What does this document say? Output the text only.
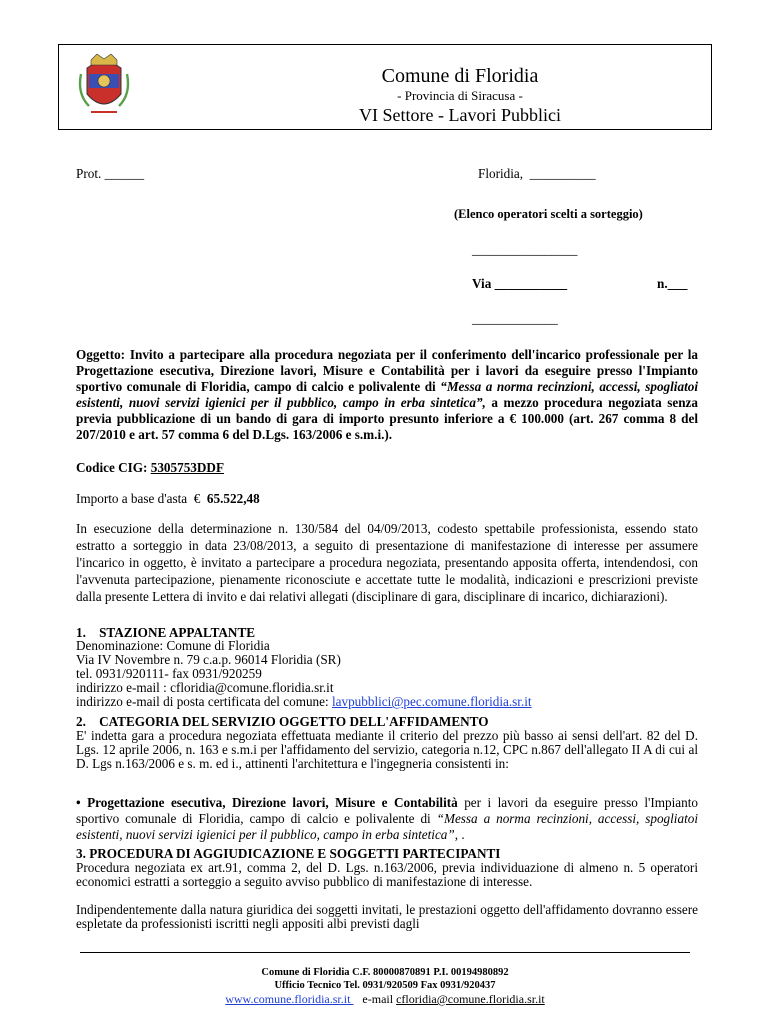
Comune di Floridia
- Provincia di Siracusa -
VI Settore - Lavori Pubblici
Prot. ______	Floridia,  __________
(Elenco operatori scelti a sorteggio)
________________
Via ___________	n.___
_____________
Oggetto: Invito a partecipare alla procedura negoziata per il conferimento dell'incarico professionale per la Progettazione esecutiva, Direzione lavori, Misure e Contabilità per i lavori da eseguire presso l'Impianto sportivo comunale di Floridia, campo di calcio e polivalente di “Messa a norma recinzioni, accessi, spogliatoi esistenti, nuovi servizi igienici per il pubblico, campo in erba sintetica”, a mezzo procedura negoziata senza previa pubblicazione di un bando di gara di importo presunto inferiore a € 100.000 (art. 267 comma 8 del 207/2010 e art. 57 comma 6 del D.Lgs. 163/2006 e s.m.i.).
Codice CIG: 5305753DDF
Importo a base d'asta  €  65.522,48
In esecuzione della determinazione n. 130/584 del 04/09/2013, codesto spettabile professionista, essendo stato estratto a sorteggio in data 23/08/2013, a seguito di presentazione di manifestazione di interesse per assumere l'incarico in oggetto, è invitato a partecipare a procedura negoziata, presentando apposita offerta, intendendosi, con l'avvenuta partecipazione, pienamente riconosciute e accettate tutte le modalità, indicazioni e prescrizioni previste dalla presente Lettera di invito e dai relativi allegati (disciplinare di gara, disciplinare di incarico, dichiarazioni).
1.    STAZIONE APPALTANTE
Denominazione: Comune di Floridia
Via IV Novembre n. 79 c.a.p. 96014 Floridia (SR)
tel. 0931/920111- fax 0931/920259
indirizzo e-mail : cfloridia@comune.floridia.sr.it
indirizzo e-mail di posta certificata del comune: lavpubblici@pec.comune.floridia.sr.it
2.    CATEGORIA DEL SERVIZIO OGGETTO DELL'AFFIDAMENTO
E' indetta gara a procedura negoziata effettuata mediante il criterio del prezzo più basso ai sensi dell'art. 82 del D. Lgs. 12 aprile 2006, n. 163 e s.m.i per l'affidamento del servizio, categoria n.12, CPC n.867 dell'allegato II A di cui al D. Lgs n.163/2006 e s. m. ed i., attinenti l'architettura e l'ingegneria consistenti in:
• Progettazione esecutiva, Direzione lavori, Misure e Contabilità per i lavori da eseguire presso l'Impianto sportivo comunale di Floridia, campo di calcio e polivalente di “Messa a norma recinzioni, accessi, spogliatoi esistenti, nuovi servizi igienici per il pubblico, campo in erba sintetica”, .
3. PROCEDURA DI AGGIUDICAZIONE E SOGGETTI PARTECIPANTI
Procedura negoziata ex art.91, comma 2, del D. Lgs. n.163/2006, previa individuazione di almeno n. 5 operatori economici estratti a sorteggio a seguito avviso pubblico di manifestazione di interesse.
Indipendentemente dalla natura giuridica dei soggetti invitati, le prestazioni oggetto dell'affidamento dovranno essere espletate da professionisti iscritti negli appositi albi previsti dagli
Comune di Floridia C.F. 80000870891 P.I. 00194980892
Ufficio Tecnico Tel. 0931/920509 Fax 0931/920437
www.comune.floridia.sr.it    e-mail cfloridia@comune.floridia.sr.it
